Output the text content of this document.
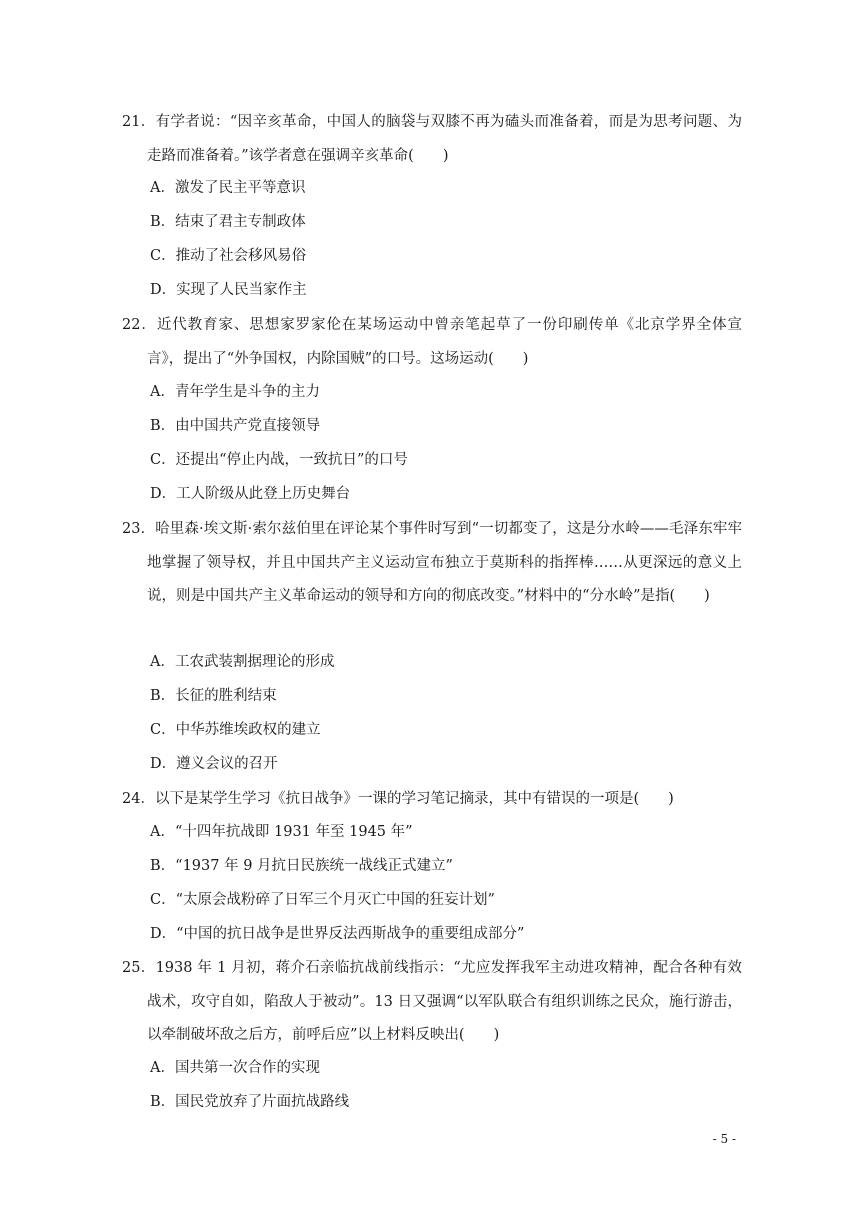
21．有学者说：“因辛亥革命，中国人的脑袋与双膝不再为磕头而准备着，而是为思考问题、为走路而准备着。”该学者意在强调辛亥革命(　　)
A．激发了民主平等意识
B．结束了君主专制政体
C．推动了社会移风易俗
D．实现了人民当家作主
22．近代教育家、思想家罗家伦在某场运动中曾亲笔起草了一份印刷传单《北京学界全体宣言》，提出了“外争国权，内除国贼”的口号。这场运动(　　)
A．青年学生是斗争的主力
B．由中国共产党直接领导
C．还提出“停止内战，一致抗日”的口号
D．工人阶级从此登上历史舞台
23．哈里森·埃文斯·索尔兹伯里在评论某个事件时写到“一切都变了，这是分水岭——毛泽东牢牢地掌握了领导权，并且中国共产主义运动宣布独立于莫斯科的指挥棒……从更深远的意义上说，则是中国共产主义革命运动的领导和方向的彻底改变。”材料中的“分水岭”是指(　　)
A．工农武装割据理论的形成
B．长征的胜利结束
C．中华苏维埃政权的建立
D．遵义会议的召开
24．以下是某学生学习《抗日战争》一课的学习笔记摘录，其中有错误的一项是(　　)
A．“十四年抗战即 1931 年至 1945 年”
B．“1937 年 9 月抗日民族统一战线正式建立”
C．“太原会战粉碎了日军三个月灭亡中国的狂妄计划”
D．“中国的抗日战争是世界反法西斯战争的重要组成部分”
25．1938 年 1 月初，蒋介石亲临抗战前线指示：“尤应发挥我军主动进攻精神，配合各种有效战术，攻守自如，陷敌人于被动”。13 日又强调“以军队联合有组织训练之民众，施行游击，以牵制破坏敌之后方，前呼后应”以上材料反映出(　　)
A．国共第一次合作的实现
B．国民党放弃了片面抗战路线
- 5 -
